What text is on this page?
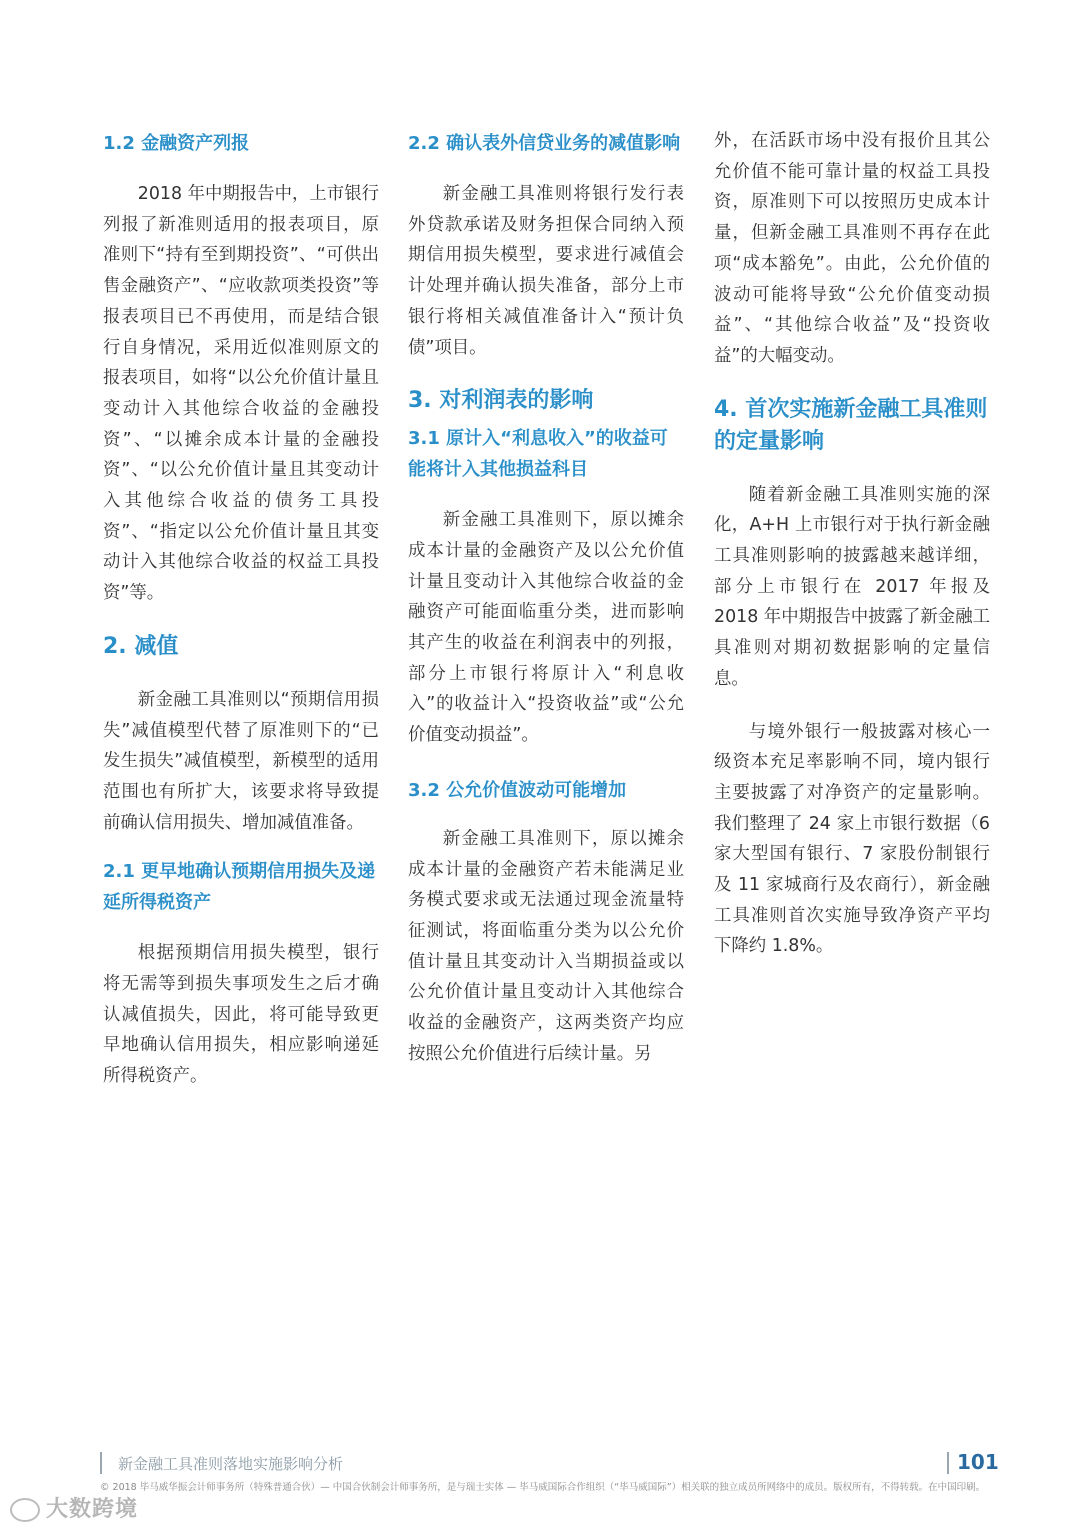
1.2 金融资产列报

2018 年中期报告中，上市银行列报了新准则适用的报表项目，原准则下“持有至到期投资”、“可供出售金融资产”、“应收款项类投资”等报表项目已不再使用，而是结合银行自身情况，采用近似准则原文的报表项目，如将“以公允价值计量且变动计入其他综合收益的金融投资”、“以摊余成本计量的金融投资”、“以公允价值计量且其变动计入其他综合收益的债务工具投资”、“指定以公允价值计量且其变动计入其他综合收益的权益工具投资”等。

2. 减值

新金融工具准则以“预期信用损失”减值模型代替了原准则下的“已发生损失”减值模型，新模型的适用范围也有所扩大，该要求将导致提前确认信用损失、增加减值准备。

2.1 更早地确认预期信用损失及递延所得税资产

根据预期信用损失模型，银行将无需等到损失事项发生之后才确认减值损失，因此，将可能导致更早地确认信用损失，相应影响递延所得税资产。

2.2 确认表外信贷业务的减值影响

新金融工具准则将银行发行表外贷款承诺及财务担保合同纳入预期信用损失模型，要求进行减值会计处理并确认损失准备，部分上市银行将相关减值准备计入“预计负债”项目。

3. 对利润表的影响
3.1 原计入“利息收入”的收益可能将计入其他损益科目

新金融工具准则下，原以摊余成本计量的金融资产及以公允价值计量且变动计入其他综合收益的金融资产可能面临重分类，进而影响其产生的收益在利润表中的列报，部分上市银行将原计入“利息收入”的收益计入“投资收益”或“公允价值变动损益”。

3.2 公允价值波动可能增加

新金融工具准则下，原以摊余成本计量的金融资产若未能满足业务模式要求或无法通过现金流量特征测试，将面临重分类为以公允价值计量且其变动计入当期损益或以公允价值计量且变动计入其他综合收益的金融资产，这两类资产均应按照公允价值进行后续计量。另

外，在活跃市场中没有报价且其公允价值不能可靠计量的权益工具投资，原准则下可以按照历史成本计量，但新金融工具准则不再存在此项“成本豁免”。由此，公允价值的波动可能将导致“公允价值变动损益”、“其他综合收益”及“投资收益”的大幅变动。

4. 首次实施新金融工具准则的定量影响

随着新金融工具准则实施的深化，A+H 上市银行对于执行新金融工具准则影响的披露越来越详细，部分上市银行在 2017 年报及 2018 年中期报告中披露了新金融工具准则对期初数据影响的定量信息。

与境外银行一般披露对核心一级资本充足率影响不同，境内银行主要披露了对净资产的定量影响。我们整理了 24 家上市银行数据（6 家大型国有银行、7 家股份制银行及 11 家城商行及农商行），新金融工具准则首次实施导致净资产平均下降约 1.8%。

新金融工具准则落地实施影响分析	101
© 2018 毕马威华振会计师事务所（特殊普通合伙）— 中国合伙制会计师事务所，是与瑞士实体 — 毕马威国际合作组织（“毕马威国际”）相关联的独立成员所网络中的成员。版权所有，不得转载。在中国印刷。
大数跨境
